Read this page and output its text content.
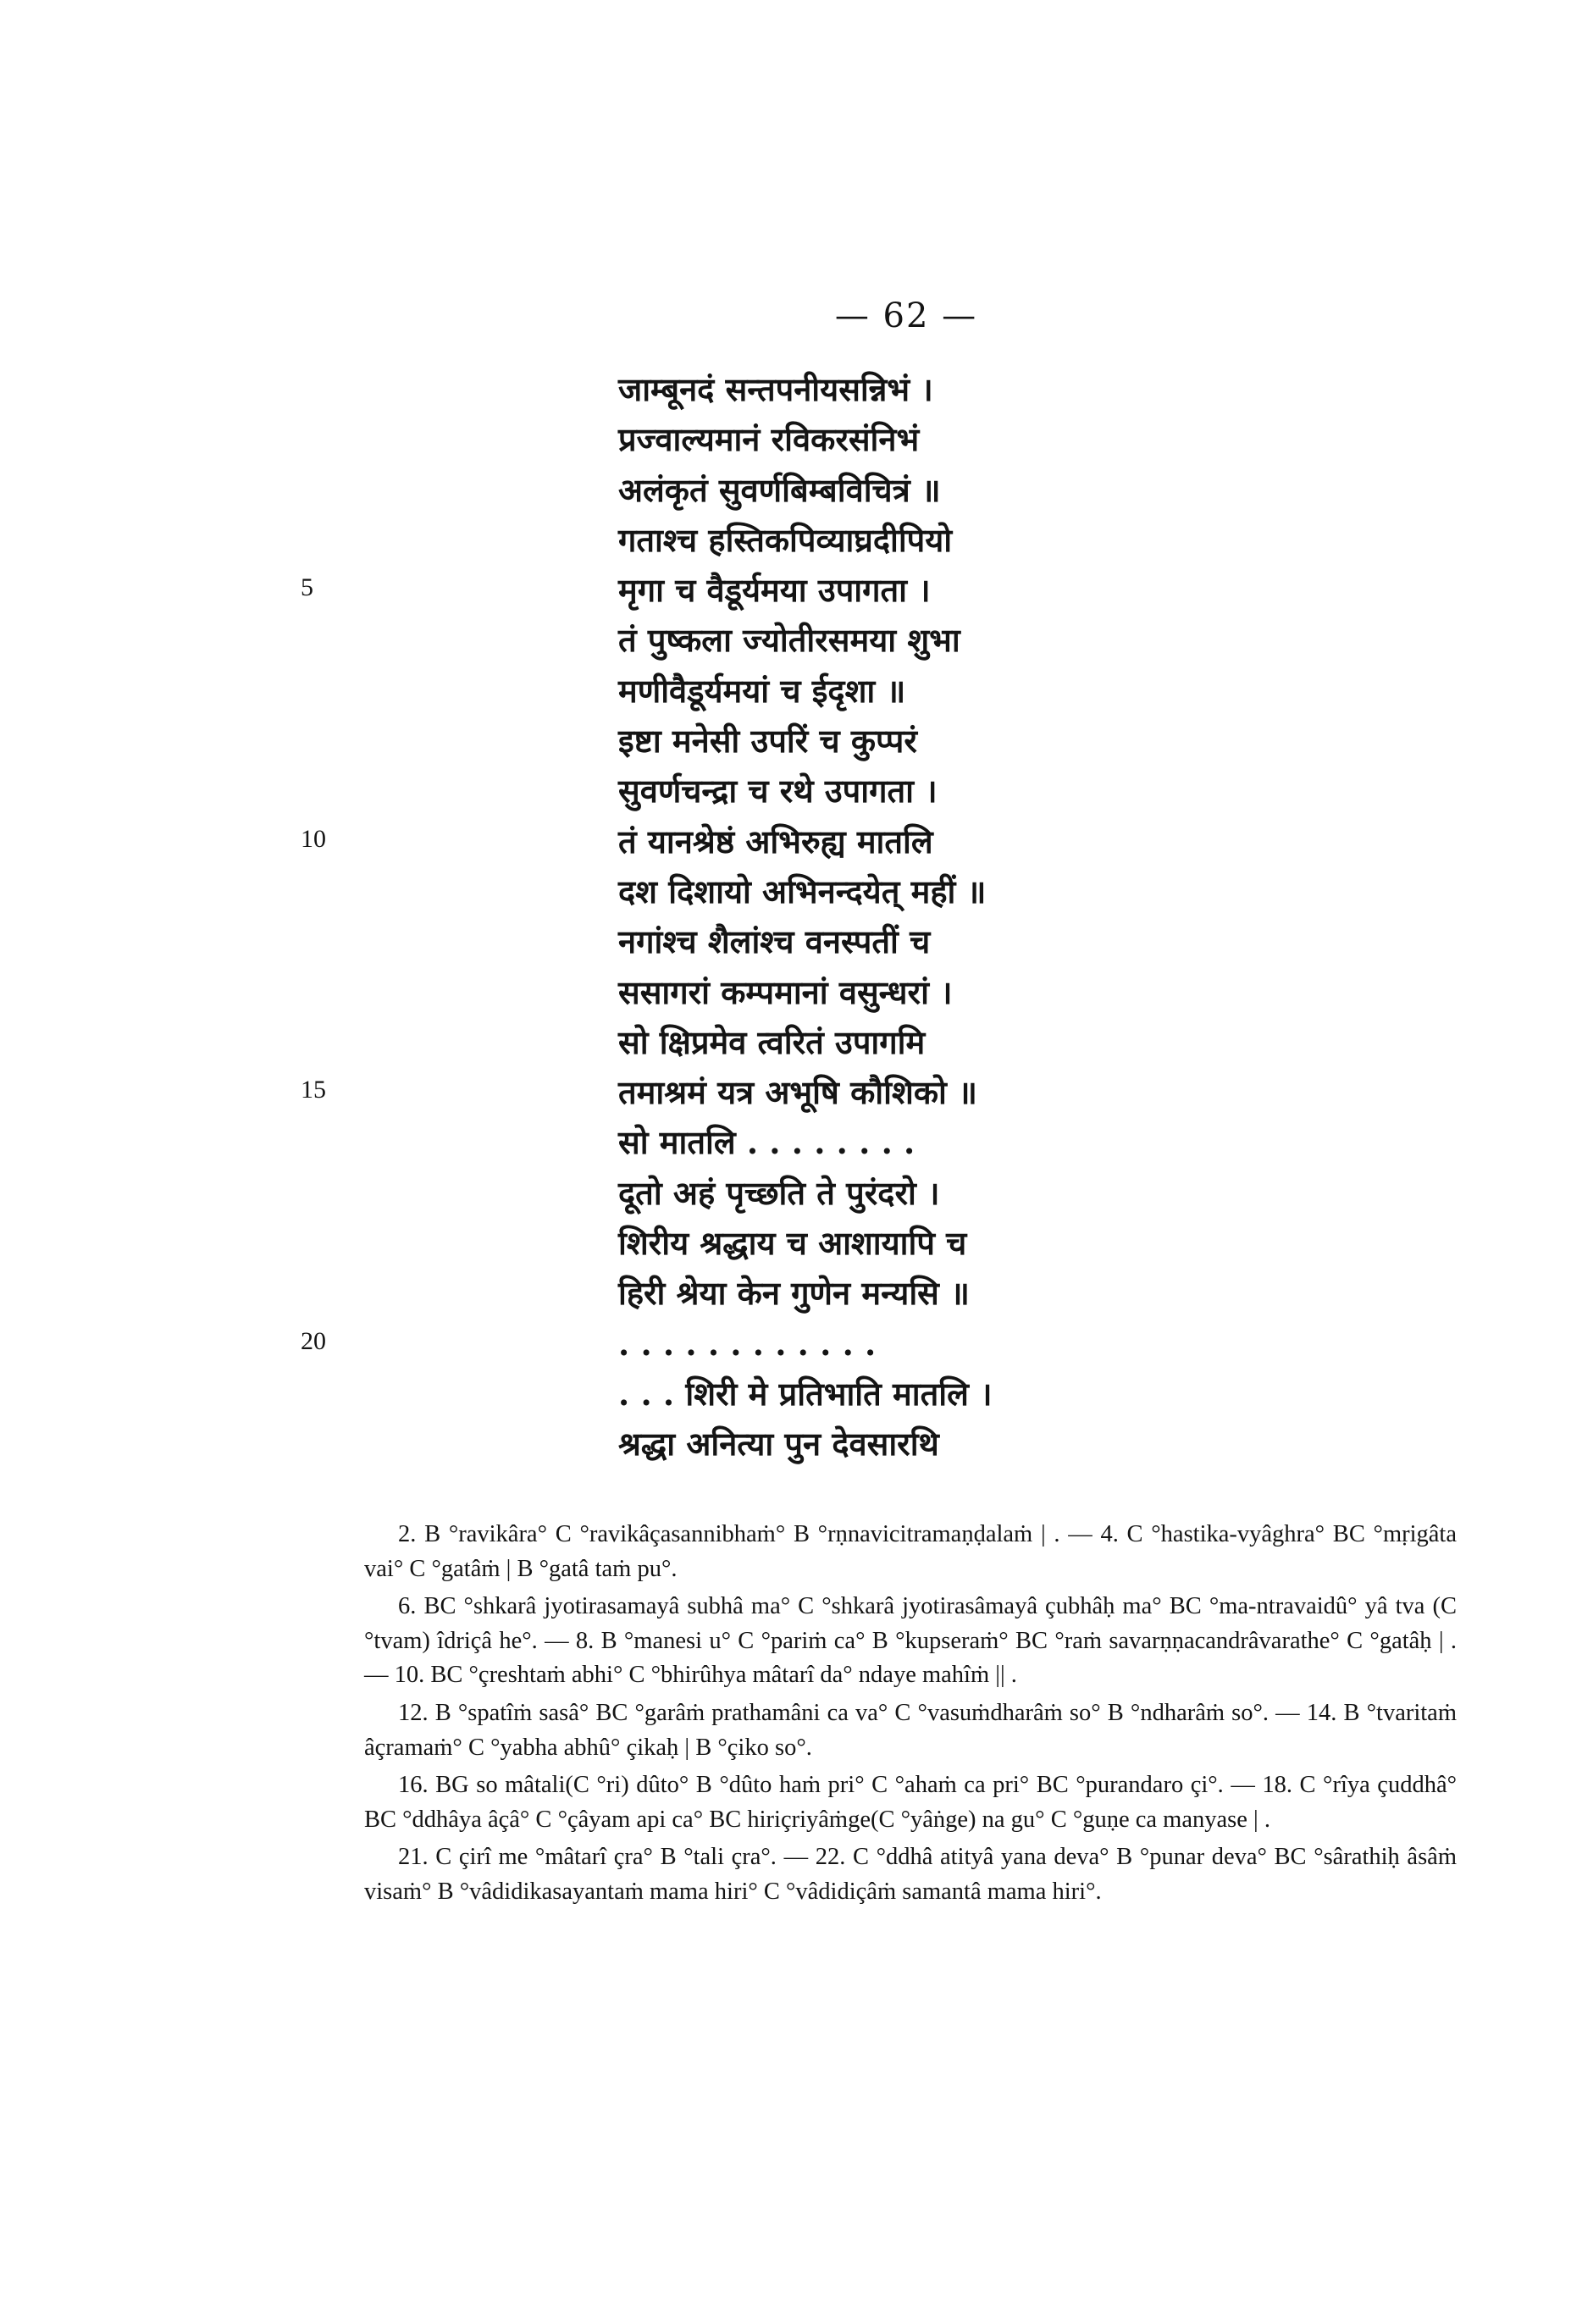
— 62 —
जाम्बूनदं सन्तपनीयसन्निभं ।
प्रज्वाल्यमानं रविकरसंनिभं
अलंकृतं सुवर्णबिम्बविचित्रं ॥
गताश्च हस्तिकपिव्याघ्रदीपियो
मृगा च वैडूर्यमया उपागता ।
तं पुष्कला ज्योतीरसमया शुभा
मणीवैडूर्यमयां च ईदृशा ॥
इष्टा मनेसी उपरिं च कुप्परं
सुवर्णचन्द्रा च रथे उपागता ।
तं यानश्रेष्ठं अभिरुह्य मातलि
दश दिशायो अभिनन्दयेत् महीं ॥
नगांश्च शैलांश्च वनस्पतीं च
ससागरां कम्पमानां वसुन्धरां ।
सो क्षिप्रमेव त्वरितं उपागमि
तमाश्रमं यत्र अभूषि कौशिको ॥
सो मातलि . . . . . . . .
दूतो अहं पृच्छति ते पुरंदरो ।
शिरीय श्रद्धाय च आशायापि च
हिरी श्रेया केन गुणेन मन्यसि ॥
. . . . . . . . . . . .
. . . शिरी मे प्रतिभाति मातलि ।
श्रद्धा अनित्या पुन देवसारथि
5
10
15
20

2. B °ravikâra° C °ravikâçasannibhaṁ° B °rṇnavicitramaṇḍalaṁ | . — 4. C °hastika-vyâghra° BC °mṛigâta vai° C °gatâṁ | B °gatâ taṁ pu°.

6. BC °shkarâ jyotirasamayâ subhâ ma° C °shkarâ jyotirasâmayâ çubhâḥ ma° BC °ma-ntravaidû° yâ tva (C °tvam) îdriçâ he°. — 8. B °manesi u° C °pariṁ ca° B °kupseraṁ° BC °raṁ savarṇṇacandrâvarathe° C °gatâḥ | . — 10. BC °çreshtaṁ abhi° C °bhirûhya mâtarî da° ndaye mahîṁ || .

12. B °spatîṁ sasâ° BC °garâṁ prathamâni ca va° C °vasuṁdharâṁ so° B °ndharâṁ so°. — 14. B °tvaritaṁ âçramaṁ° C °yabha abhû° çikaḥ | B °çiko so°.

16. BG so mâtali(C °ri) dûto° B °dûto haṁ pri° C °ahaṁ ca pri° BC °purandaro çi°. — 18. C °rîya çuddhâ° BC °ddhâya âçâ° C °çâyam api ca° BC hiriçriyâṁge(C °yâṅge) na gu° C °guṇe ca manyase | .

21. C çirî me °mâtarî çra° B °tali çra°. — 22. C °ddhâ atityâ yana deva° B °punar deva° BC °sârathiḥ âsâṁ visaṁ° B °vâdidikasayantaṁ mama hiri° C °vâdidiçâṁ samantâ mama hiri°.
